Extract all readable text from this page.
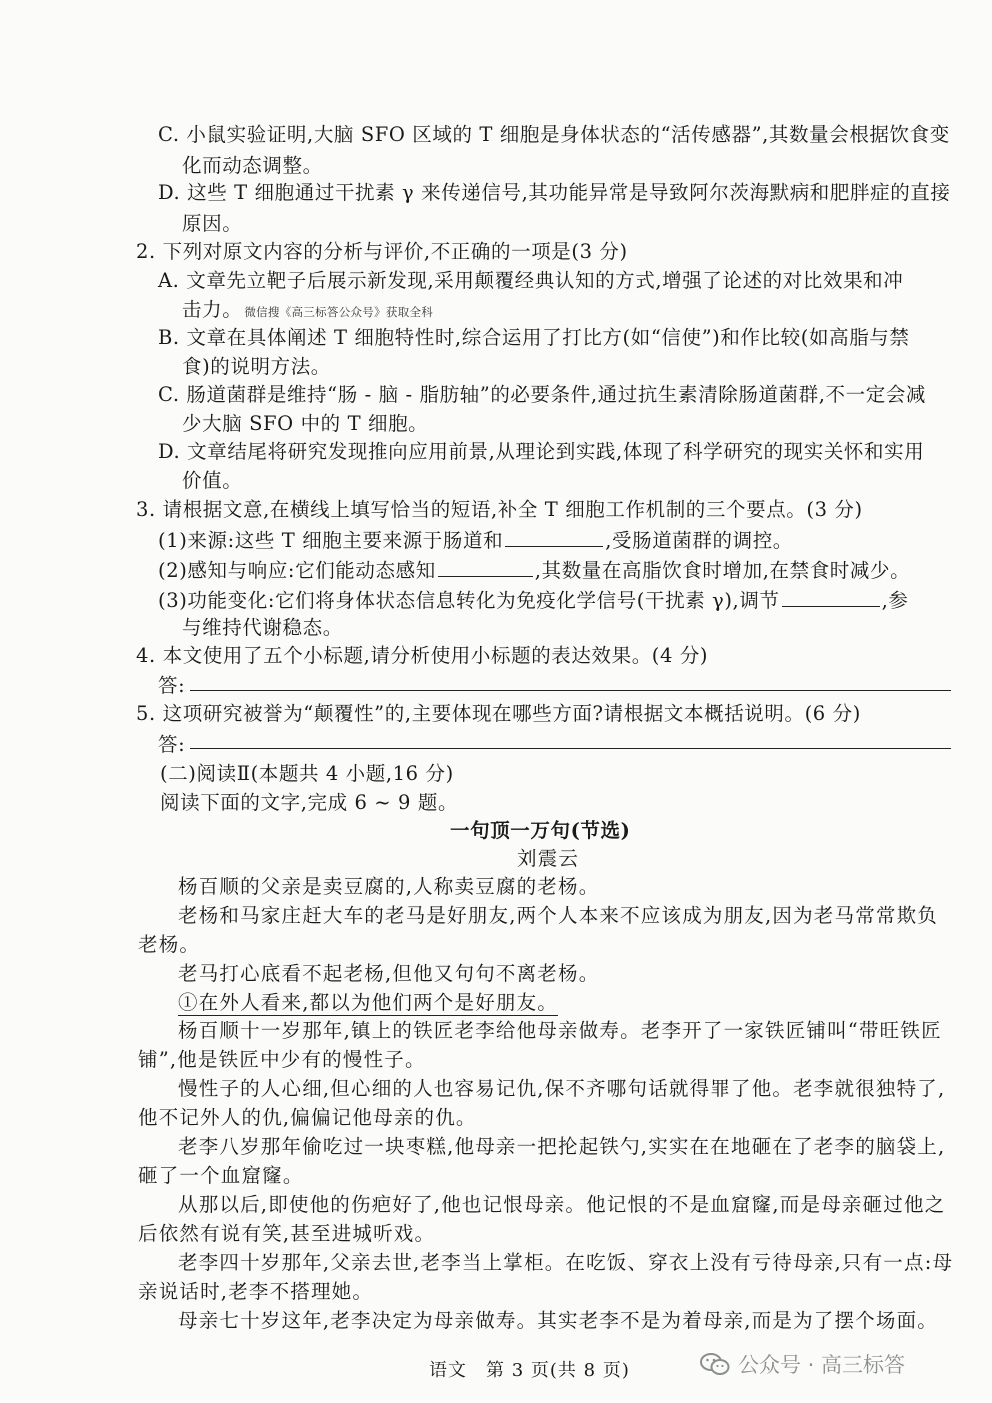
C. 小鼠实验证明,大脑 SFO 区域的 T 细胞是身体状态的“活传感器”,其数量会根据饮食变
化而动态调整。
D. 这些 T 细胞通过干扰素 γ 来传递信号,其功能异常是导致阿尔茨海默病和肥胖症的直接
原因。
2. 下列对原文内容的分析与评价,不正确的一项是(3 分)
A. 文章先立靶子后展示新发现,采用颠覆经典认知的方式,增强了论述的对比效果和冲
击力。 微信搜《高三标答公众号》获取全科
B. 文章在具体阐述 T 细胞特性时,综合运用了打比方(如“信使”)和作比较(如高脂与禁
食)的说明方法。
C. 肠道菌群是维持“肠 - 脑 - 脂肪轴”的必要条件,通过抗生素清除肠道菌群,不一定会减
少大脑 SFO 中的 T 细胞。
D. 文章结尾将研究发现推向应用前景,从理论到实践,体现了科学研究的现实关怀和实用
价值。
3. 请根据文意,在横线上填写恰当的短语,补全 T 细胞工作机制的三个要点。(3 分)
(1)来源:这些 T 细胞主要来源于肠道和	,受肠道菌群的调控。
(2)感知与响应:它们能动态感知	,其数量在高脂饮食时增加,在禁食时减少。
(3)功能变化:它们将身体状态信息转化为免疫化学信号(干扰素 γ),调节	,参
与维持代谢稳态。
4. 本文使用了五个小标题,请分析使用小标题的表达效果。(4 分)
答:
5. 这项研究被誉为“颠覆性”的,主要体现在哪些方面?请根据文本概括说明。(6 分)
答:
(二)阅读Ⅱ(本题共 4 小题,16 分)
阅读下面的文字,完成 6 ~ 9 题。
一句顶一万句(节选)
刘震云
杨百顺的父亲是卖豆腐的,人称卖豆腐的老杨。
老杨和马家庄赶大车的老马是好朋友,两个人本来不应该成为朋友,因为老马常常欺负
老杨。
老马打心底看不起老杨,但他又句句不离老杨。
①在外人看来,都以为他们两个是好朋友。
杨百顺十一岁那年,镇上的铁匠老李给他母亲做寿。老李开了一家铁匠铺叫“带旺铁匠
铺”,他是铁匠中少有的慢性子。
慢性子的人心细,但心细的人也容易记仇,保不齐哪句话就得罪了他。老李就很独特了,
他不记外人的仇,偏偏记他母亲的仇。
老李八岁那年偷吃过一块枣糕,他母亲一把抡起铁勺,实实在在地砸在了老李的脑袋上,
砸了一个血窟窿。
从那以后,即使他的伤疤好了,他也记恨母亲。他记恨的不是血窟窿,而是母亲砸过他之
后依然有说有笑,甚至进城听戏。
老李四十岁那年,父亲去世,老李当上掌柜。在吃饭、穿衣上没有亏待母亲,只有一点:母
亲说话时,老李不搭理她。
母亲七十岁这年,老李决定为母亲做寿。其实老李不是为着母亲,而是为了摆个场面。
语文　第 3 页(共 8 页)	公众号 · 高三标答
